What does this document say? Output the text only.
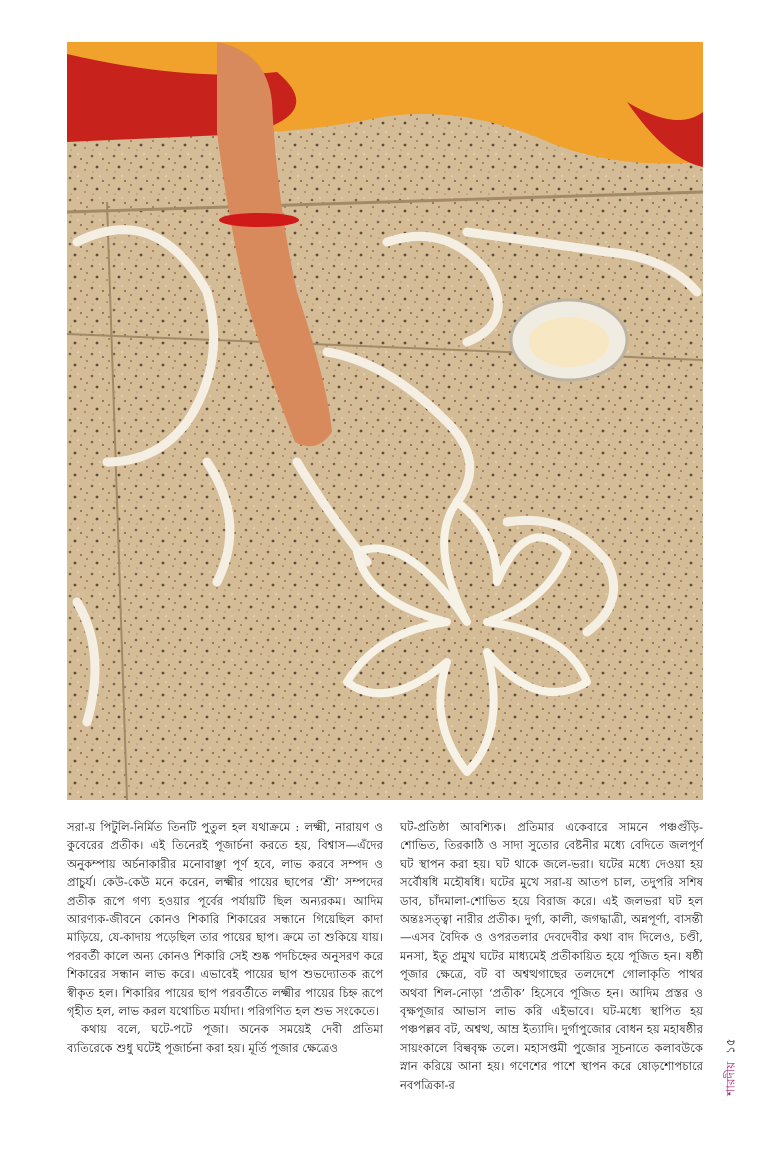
সরা-য় পিটুলি-নির্মিত তিনটি পুতুল হল যথাক্রমে : লক্ষ্মী, নারায়ণ ও কুবেরের প্রতীক। এই তিনেরই পূজার্চনা করতে হয়, বিশ্বাস—এঁদের অনুকম্পায় অর্চনাকারীর মনোবাঞ্ছা পূর্ণ হবে, লাভ করবে সম্পদ ও প্রাচুর্য। কেউ-কেউ মনে করেন, লক্ষ্মীর পায়ের ছাপের ‘শ্রী’ সম্পদের প্রতীক রূপে গণ্য হওয়ার পূর্বের পর্যায়টি ছিল অন্যরকম। আদিম আরণ্যক-জীবনে কোনও শিকারি শিকারের সন্ধানে গিয়েছিল কাদা মাড়িয়ে, যে-কাদায় পড়েছিল তার পায়ের ছাপ। ক্রমে তা শুকিয়ে যায়। পরবর্তী কালে অন্য কোনও শিকারি সেই শুষ্ক পদচিহ্নের অনুসরণ করে শিকারের সন্ধান লাভ করে। এভাবেই পায়ের ছাপ শুভদ্যোতক রূপে স্বীকৃত হল। শিকারির পায়ের ছাপ পরবর্তীতে লক্ষ্মীর পায়ের চিহ্ন রূপে গৃহীত হল, লাভ করল যথোচিত মর্যাদা। পরিগণিত হল শুভ সংকেতে।

কথায় বলে, ঘটে-পটে পূজা। অনেক সময়েই দেবী প্রতিমা ব্যতিরেকে শুধু ঘটেই পূজার্চনা করা হয়। মূর্তি পূজার ক্ষেত্রেও

ঘট-প্রতিষ্ঠা আবশ্যিক। প্রতিমার একেবারে সামনে পঞ্চগুঁড়ি-শোভিত, তিরকাঠি ও সাদা সুতোর বেষ্টনীর মধ্যে বেদিতে জলপূর্ণ ঘট স্থাপন করা হয়। ঘট থাকে জলে-ভরা। ঘটের মধ্যে দেওয়া হয় সর্বৌষধি মহৌষধি। ঘটের মুখে সরা-য় আতপ চাল, তদুপরি সশিষ ডাব, চাঁদমালা-শোভিত হয়ে বিরাজ করে। এই জলভরা ঘট হল অন্তঃসত্ত্বা নারীর প্রতীক। দুর্গা, কালী, জগদ্ধাত্রী, অন্নপূর্ণা, বাসন্তী—এসব বৈদিক ও ওপরতলার দেবদেবীর কথা বাদ দিলেও, চণ্ডী, মনসা, ইতু প্রমুখ ঘটের মাধ্যমেই প্রতীকায়িত হয়ে পূজিত হন। ষষ্ঠী পূজার ক্ষেত্রে, বট বা অশ্বত্থগাছের তলদেশে গোলাকৃতি পাথর অথবা শিল-নোড়া ‘প্রতীক’ হিসেবে পূজিত হন। আদিম প্রস্তর ও বৃক্ষপূজার আভাস লাভ করি এইভাবে। ঘট-মধ্যে স্থাপিত হয় পঞ্চপল্লব বট, অশ্বত্থ, আম্র ইত্যাদি। দুর্গাপুজোর বোধন হয় মহাষষ্ঠীর সায়ংকালে বিল্ববৃক্ষ তলে। মহাসপ্তমী পুজোর সূচনাতে কলাবউকে স্নান করিয়ে আনা হয়। গণেশের পাশে স্থাপন করে ষোড়শোপচারে নবপত্রিকা-র	শারদীয় ১৫
